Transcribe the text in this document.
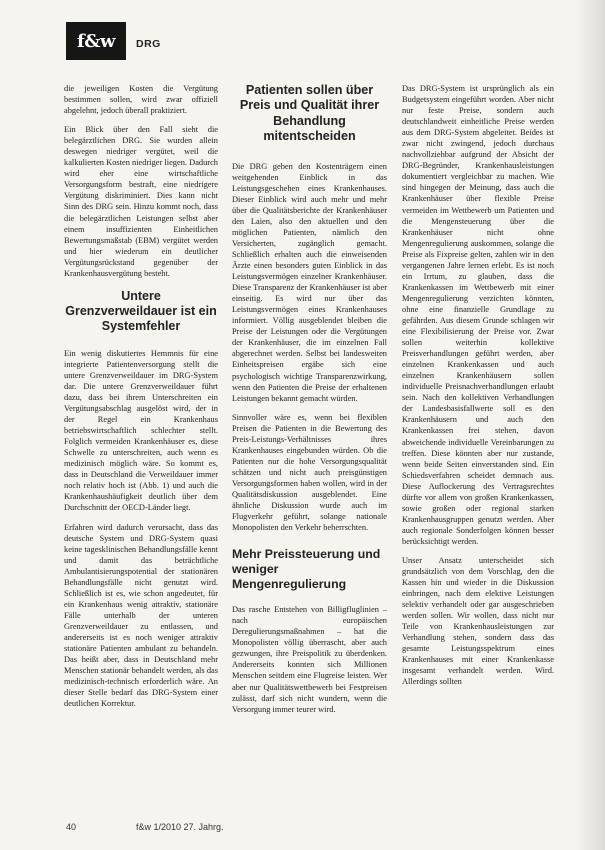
f&w	DRG

die jeweiligen Kosten die Vergütung bestimmen sollen, wird zwar offiziell abgelehnt, jedoch überall praktiziert.

Ein Blick über den Fall sieht die belegärztlichen DRG. Sie wurden allein deswegen niedriger vergütet, weil die kalkulierten Kosten niedriger liegen. Dadurch wird eher eine wirtschaftliche Versorgungsform bestraft, eine niedrigere Vergütung diskriminiert. Dies kann nicht Sinn des DRG sein. Hinzu kommt noch, dass die belegärztlichen Leistungen selbst aber einem insuffizienten Einheitlichen Bewertungsmaßstab (EBM) vergütet werden und hier wiederum ein deutlicher Vergütungsrückstand gegenüber der Krankenhausvergütung besteht.

Untere Grenzverweildauer ist ein Systemfehler

Ein wenig diskutiertes Hemmnis für eine integrierte Patientenversorgung stellt die untere Grenzverweildauer im DRG-System dar. Die untere Grenzverweildauer führt dazu, dass bei ihrem Unterschreiten ein Vergütungsabschlag ausgelöst wird, der in der Regel ein Krankenhaus betriebswirtschaftlich schlechter stellt. Folglich vermeiden Krankenhäuser es, diese Schwelle zu unterschreiten, auch wenn es medizinisch möglich wäre. So kommt es, dass in Deutschland die Verweildauer immer noch relativ hoch ist (Abb. 1) und auch die Krankenhaushäufigkeit deutlich über dem Durchschnitt der OECD-Länder liegt.

Erfahren wird dadurch verursacht, dass das deutsche System und DRG-System quasi keine tagesklinischen Behandlungsfälle kennt und damit das beträchtliche Ambulantisierungspotential der stationären Behandlungsfälle nicht genutzt wird. Schließlich ist es, wie schon angedeutet, für ein Krankenhaus wenig attraktiv, stationäre Fälle unterhalb der unteren Grenzverweildauer zu entlassen, und andererseits ist es noch weniger attraktiv stationäre Patienten ambulant zu behandeln. Das heißt aber, dass in Deutschland mehr Menschen stationär behandelt werden, als das medizinisch-technisch erforderlich wäre. An dieser Stelle bedarf das DRG-System einer deutlichen Korrektur.

Patienten sollen über Preis und Qualität ihrer Behandlung mitentscheiden

Die DRG geben den Kostenträgern einen weitgehenden Einblick in das Leistungsgeschehen eines Krankenhauses. Dieser Einblick wird auch mehr und mehr über die Qualitätsberichte der Krankenhäuser den Laien, also den aktuellen und den möglichen Patienten, nämlich den Versicherten, zugänglich gemacht. Schließlich erhalten auch die einweisenden Ärzte einen besonders guten Einblick in das Leistungsvermögen einzelner Krankenhäuser. Diese Transparenz der Krankenhäuser ist aber einseitig. Es wird nur über das Leistungsvermögen eines Krankenhauses informiert. Völlig ausgeblendet bleiben die Preise der Leistungen oder die Vergütungen der Krankenhäuser, die im einzelnen Fall abgerechnet werden. Selbst bei landesweiten Einheitspreisen ergäbe sich eine psychologisch wichtige Transparenzwirkung, wenn den Patienten die Preise der erhaltenen Leistungen bekannt gemacht würden.

Sinnvoller wäre es, wenn bei flexiblen Preisen die Patienten in die Bewertung des Preis-Leistungs-Verhältnisses ihres Krankenhauses eingebunden würden. Ob die Patienten nur die hohe Versorgungsqualität schätzen und nicht auch preisgünstigen Versorgungsformen haben wollen, wird in der Qualitätsdiskussion ausgeblendet. Eine ähnliche Diskussion wurde auch im Flugverkehr geführt, solange nationale Monopolisten den Verkehr beherrschten.

Mehr Preissteuerung und weniger Mengenregulierung

Das rasche Entstehen von Billigfluglinien – nach europäischen Deregulierungsmaßnahmen – hat die Monopolisten völlig überrascht, aber auch gezwungen, ihre Preispolitik zu überdenken. Andererseits konnten sich Millionen Menschen seitdem eine Flugreise leisten. Wer aber nur Qualitätswettbewerb bei Festpreisen zulässt, darf sich nicht wundern, wenn die Versorgung immer teurer wird.

Das DRG-System ist ursprünglich als ein Budgetsystem eingeführt worden. Aber nicht nur feste Preise, sondern auch deutschlandweit einheitliche Preise werden aus dem DRG-System abgeleitet. Beides ist zwar nicht zwingend, jedoch durchaus nachvollziehbar aufgrund der Absicht der DRG-Begründer, Krankenhausleistungen dokumentiert vergleichbar zu machen. Wie sind hingegen der Meinung, dass auch die Krankenhäuser über flexible Preise vermeiden im Wettbewerb um Patienten und die Mengensteuerung über die Krankenhäuser nicht ohne Mengenregulierung auskommen, solange die Preise als Fixpreise gelten, zahlen wir in den vergangenen Jahre lernen erlebt. Es ist noch ein Irrtum, zu glauben, dass die Krankenkassen im Wettbewerb mit einer Mengenregulierung verzichten könnten, ohne eine finanzielle Grundlage zu gefährden. Aus diesem Grunde schlagen wir eine Flexibilisierung der Preise vor. Zwar sollen weiterhin kollektive Preisverhandlungen geführt werden, aber einzelnen Krankenkassen und auch einzelnen Krankenhäusern sollen individuelle Preisnachverhandlungen erlaubt sein. Nach den kollektiven Verhandlungen der Landesbasisfallwerte soll es den Krankenhäusern und auch den Krankenkassen frei stehen, davon abweichende individuelle Vereinbarungen zu treffen. Diese könnten aber nur zustande, wenn beide Seiten einverstanden sind. Ein Schiedsverfahren scheidet demnach aus. Diese Auflockerung des Vertragsrechtes dürfte vor allem von großen Krankenkassen, sowie großen oder regional starken Krankenhausgruppen genutzt werden. Aber auch regionale Sonderfolgen können besser berücksichtigt werden.

Unser Ansatz unterscheidet sich grundsätzlich von dem Vorschlag, den die Kassen hin und wieder in die Diskussion einbringen, nach dem elektive Leistungen selektiv verhandelt oder gar ausgeschrieben werden sollen. Wir wollen, dass nicht nur Teile von Krankenhausleistungen zur Verhandlung stehen, sondern dass das gesamte Leistungsspektrum eines Krankenhauses mit einer Krankenkasse insgesamt verhandelt werden. Wird. Allerdings sollten

40	f&w 1/2010 27. Jahrg.
